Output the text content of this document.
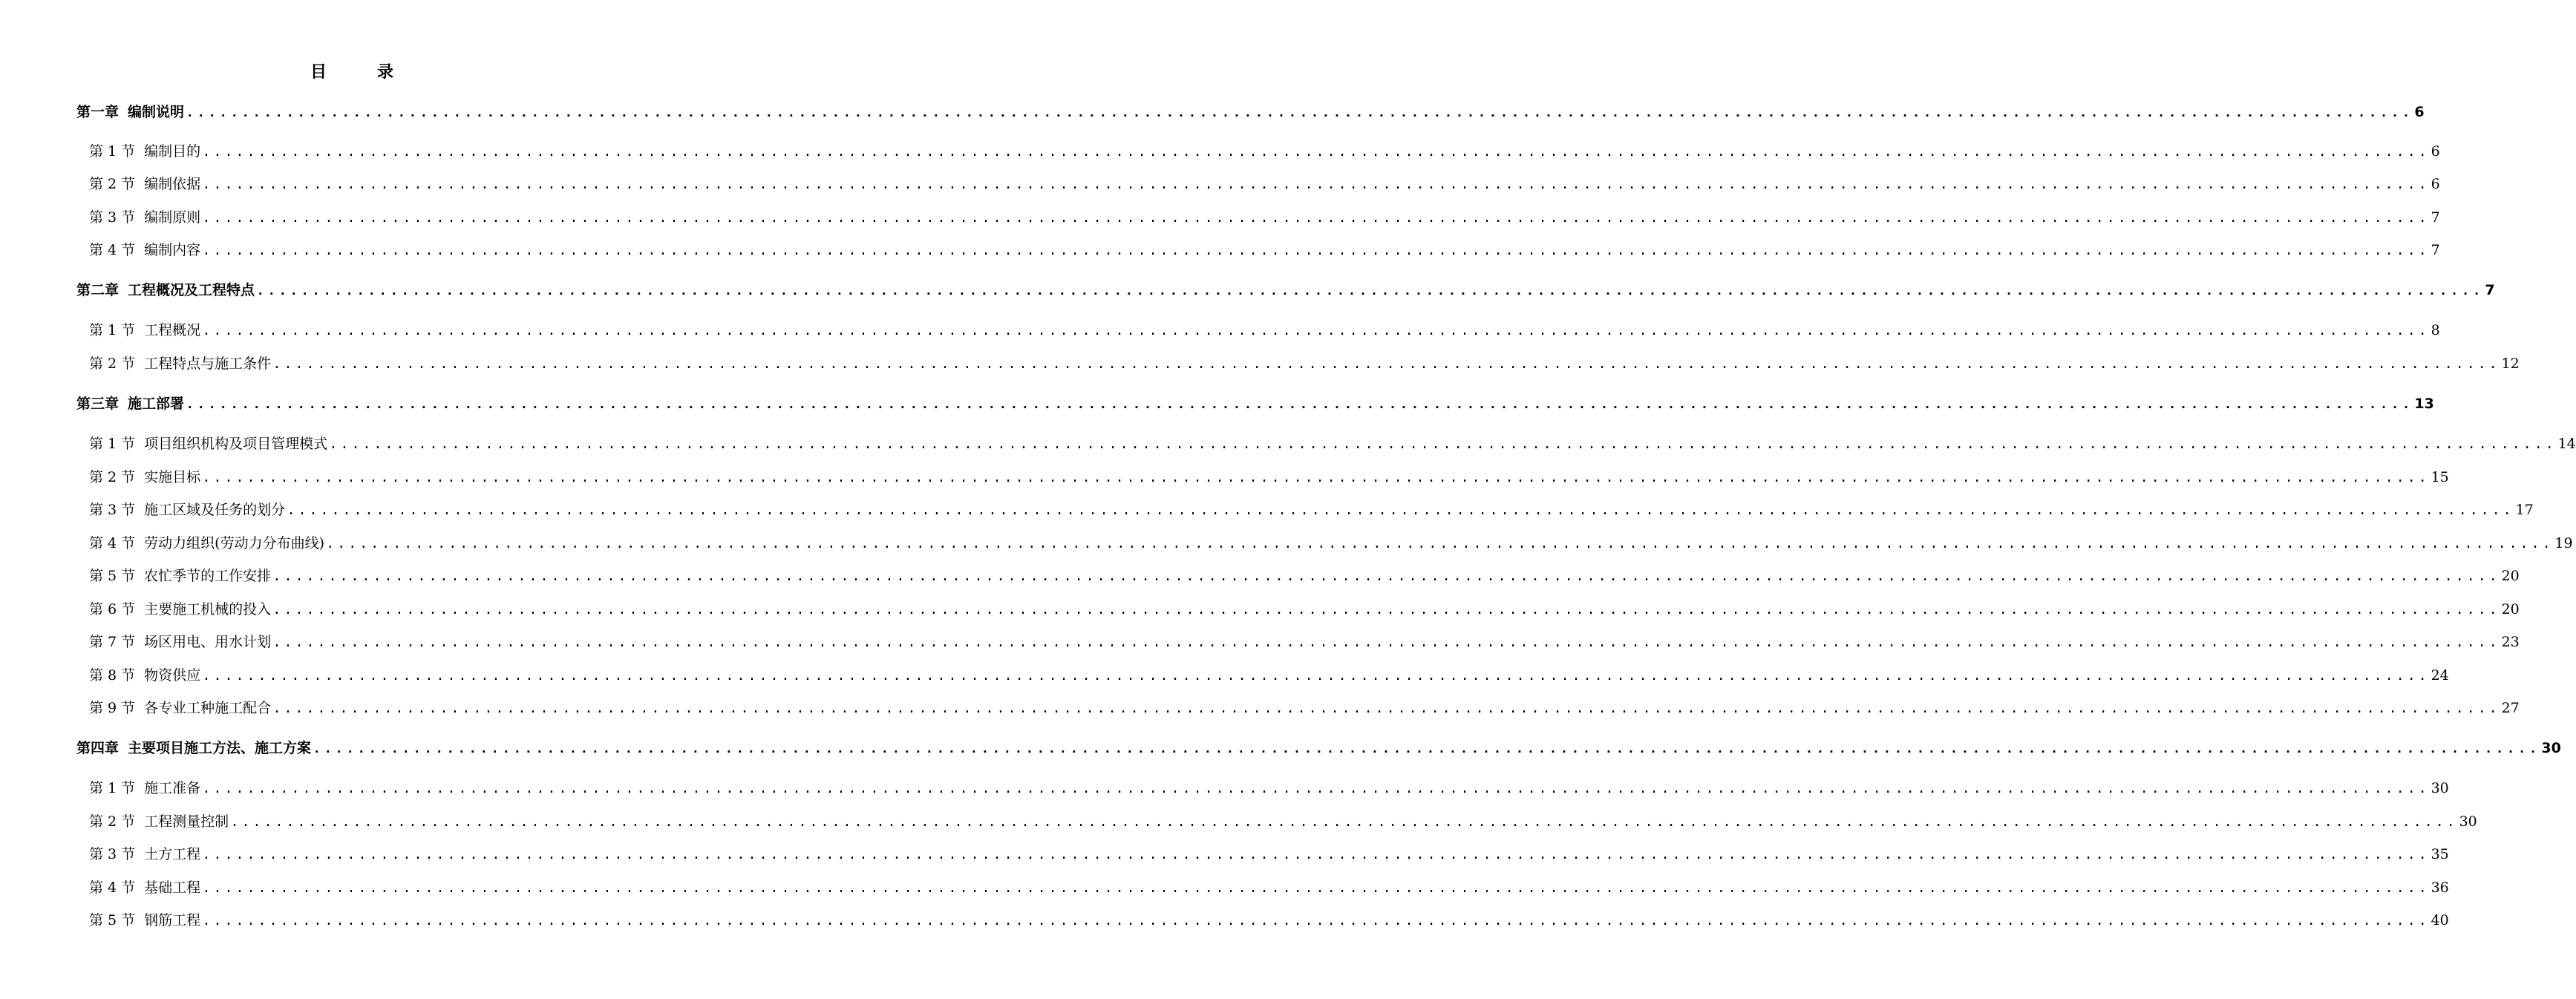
目	录
第一章 编制说明 ........................................................................................................................................................................................................ 6
第 1 节 编制目的 ........................................................................................................................................................................................................ 6
第 2 节 编制依据 ........................................................................................................................................................................................................ 6
第 3 节 编制原则 ........................................................................................................................................................................................................ 7
第 4 节 编制内容 ........................................................................................................................................................................................................ 7
第二章 工程概况及工程特点 ........................................................................................................................................................................................................ 7
第 1 节 工程概况 ........................................................................................................................................................................................................ 8
第 2 节 工程特点与施工条件 ........................................................................................................................................................................................................ 12
第三章 施工部署 ........................................................................................................................................................................................................ 13
第 1 节 项目组织机构及项目管理模式 ........................................................................................................................................................................................................ 14
第 2 节 实施目标 ........................................................................................................................................................................................................ 15
第 3 节 施工区域及任务的划分 ........................................................................................................................................................................................................ 17
第 4 节 劳动力组织(劳动力分布曲线) ........................................................................................................................................................................................................ 19
第 5 节 农忙季节的工作安排 ........................................................................................................................................................................................................ 20
第 6 节 主要施工机械的投入 ........................................................................................................................................................................................................ 20
第 7 节 场区用电、用水计划 ........................................................................................................................................................................................................ 23
第 8 节 物资供应 ........................................................................................................................................................................................................ 24
第 9 节 各专业工种施工配合 ........................................................................................................................................................................................................ 27
第四章 主要项目施工方法、施工方案 ........................................................................................................................................................................................................ 30
第 1 节 施工准备 ........................................................................................................................................................................................................ 30
第 2 节 工程测量控制 ........................................................................................................................................................................................................ 30
第 3 节 土方工程 ........................................................................................................................................................................................................ 35
第 4 节 基础工程 ........................................................................................................................................................................................................ 36
第 5 节 钢筋工程 ........................................................................................................................................................................................................ 40
